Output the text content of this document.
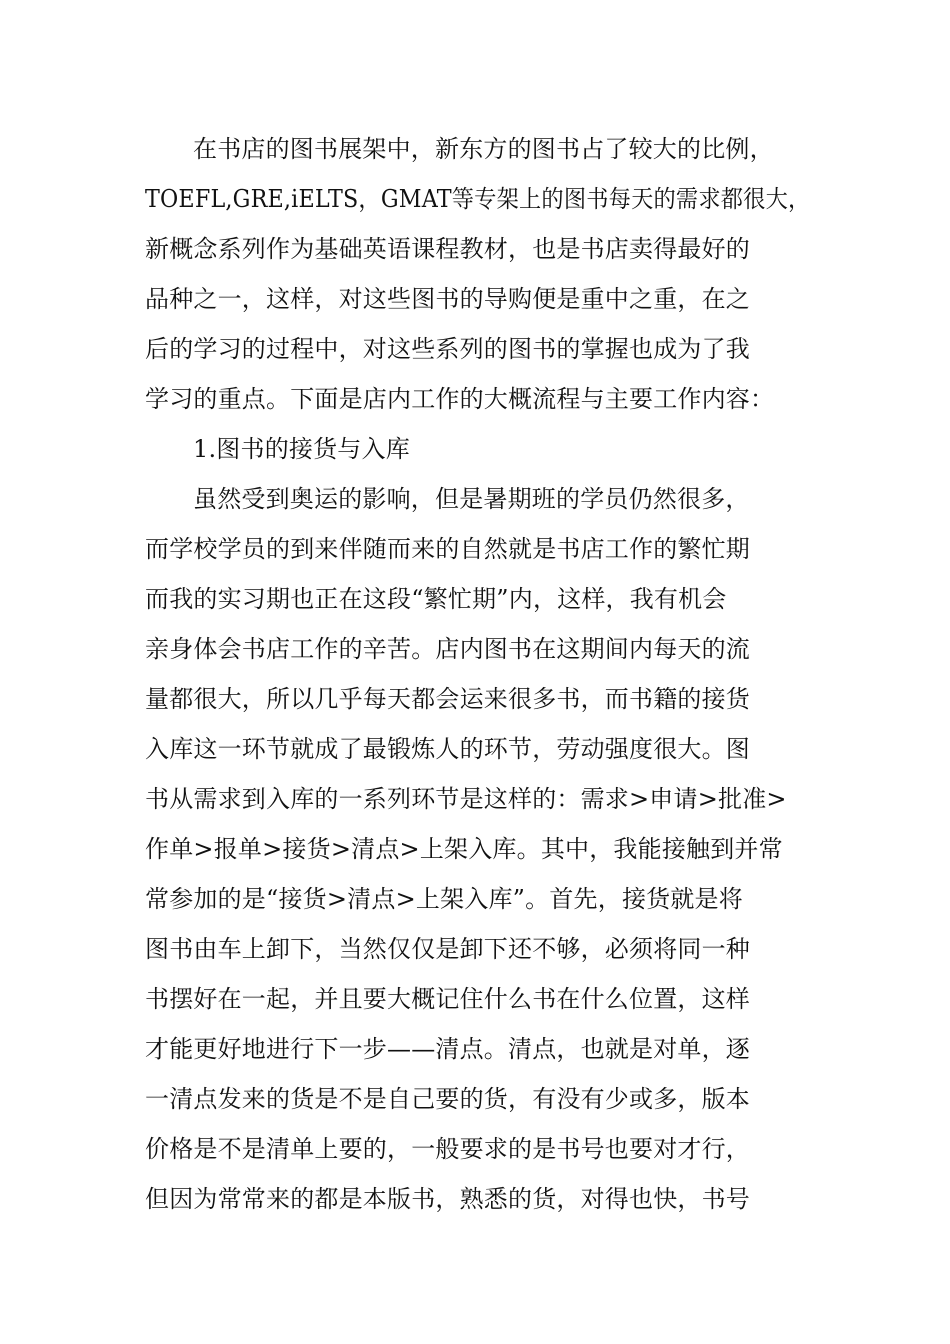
在书店的图书展架中，新东方的图书占了较大的比例，
TOEFL,GRE,iELTS，GMAT等专架上的图书每天的需求都很大，
新概念系列作为基础英语课程教材，也是书店卖得最好的
品种之一，这样，对这些图书的导购便是重中之重，在之
后的学习的过程中，对这些系列的图书的掌握也成为了我
学习的重点。下面是店内工作的大概流程与主要工作内容：
1.图书的接货与入库
虽然受到奥运的影响，但是暑期班的学员仍然很多，
而学校学员的到来伴随而来的自然就是书店工作的繁忙期
而我的实习期也正在这段“繁忙期”内，这样，我有机会
亲身体会书店工作的辛苦。店内图书在这期间内每天的流
量都很大，所以几乎每天都会运来很多书，而书籍的接货
入库这一环节就成了最锻炼人的环节，劳动强度很大。图
书从需求到入库的一系列环节是这样的：需求>申请>批准>
作单>报单>接货>清点>上架入库。其中，我能接触到并常
常参加的是“接货>清点>上架入库”。首先，接货就是将
图书由车上卸下，当然仅仅是卸下还不够，必须将同一种
书摆好在一起，并且要大概记住什么书在什么位置，这样
才能更好地进行下一步——清点。清点，也就是对单，逐
一清点发来的货是不是自己要的货，有没有少或多，版本
价格是不是清单上要的，一般要求的是书号也要对才行，
但因为常常来的都是本版书，熟悉的货，对得也快，书号
